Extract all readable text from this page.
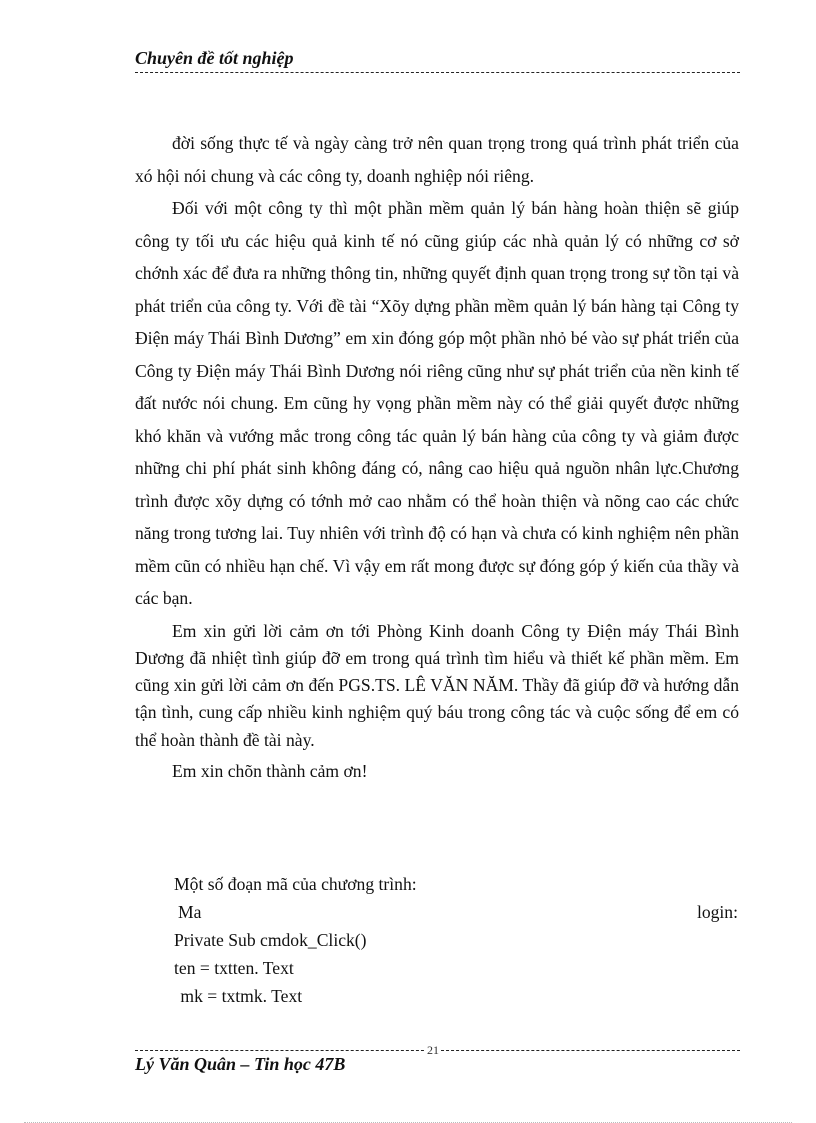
Chuyên đề tốt nghiệp

đời sống thực tế và ngày càng trở nên quan trọng trong quá trình phát triển của xó hội nói chung và các công ty, doanh nghiệp nói riêng.

Đối với một công ty thì một phần mềm quản lý bán hàng hoàn thiện sẽ giúp công ty tối ưu các hiệu quả kinh tế nó cũng giúp các nhà quản lý có những cơ sở chớnh xác để đưa ra những thông tin, những quyết định quan trọng trong sự tồn tại và phát triển của công ty. Với đề tài “Xõy dựng phần mềm quản lý bán hàng tại Công ty Điện máy Thái Bình Dương” em xin đóng góp một phần nhỏ bé vào sự phát triển của Công ty Điện máy Thái Bình Dương nói riêng cũng như sự phát triển của nền kinh tế đất nước nói chung. Em cũng hy vọng phần mềm này có thể giải quyết được những khó khăn và vướng mắc trong công tác quản lý bán hàng của công ty và giảm được những chi phí phát sinh không đáng có, nâng cao hiệu quả nguồn nhân lực.Chương trình được xõy dựng có tớnh mở cao nhằm có thể hoàn thiện và nõng cao các chức năng trong tương lai. Tuy nhiên với trình độ có hạn và chưa có kinh nghiệm nên phần mềm cũn có nhiều hạn chế. Vì vậy em rất mong được sự đóng góp ý kiến của thầy và các bạn.

Em xin gửi lời cảm ơn tới Phòng Kinh doanh Công ty Điện máy Thái Bình Dương đã nhiệt tình giúp đỡ em trong quá trình tìm hiểu và thiết kế phần mềm. Em cũng xin gửi lời cảm ơn đến PGS.TS. LÊ VĂN NĂM. Thầy đã giúp đỡ và hướng dẫn tận tình, cung cấp nhiều kinh nghiệm quý báu trong công tác và cuộc sống để em có thể hoàn thành đề tài này.

Em xin chõn thành cảm ơn!

Một số đoạn mã của chương trình:
Ma	login:
Private Sub cmdok_Click()
ten = txtten. Text
mk = txtmk. Text
21
Lý Văn Quân – Tin học 47B
